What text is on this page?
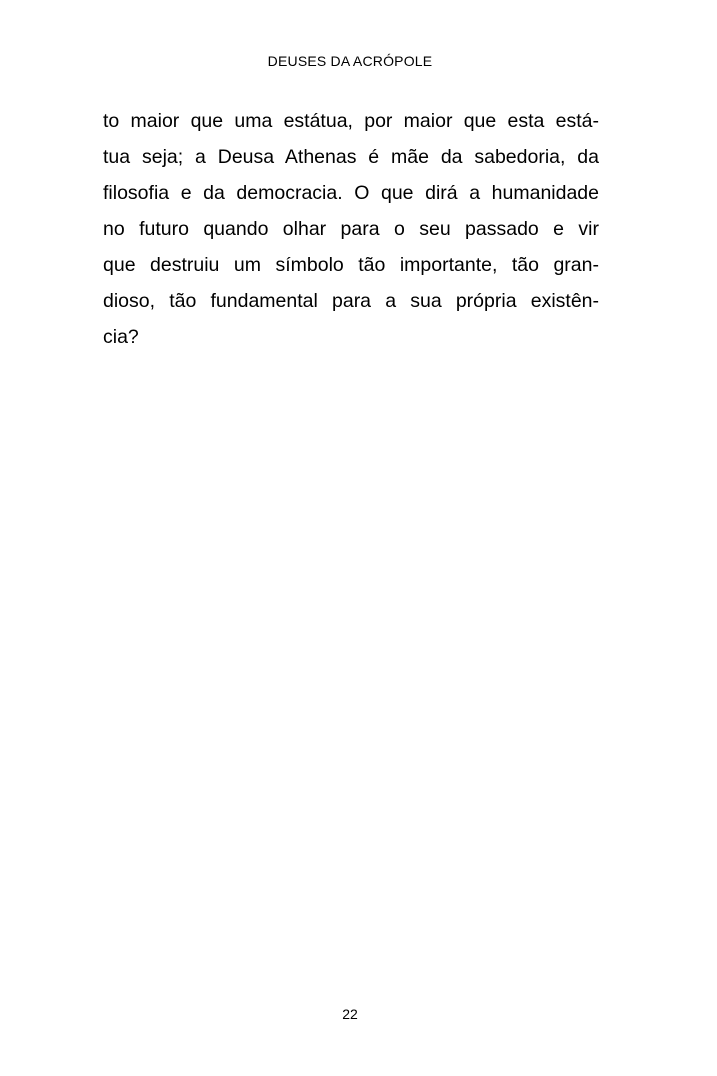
DEUSES DA ACRÓPOLE
to maior que uma estátua, por maior que esta está-
tua seja; a Deusa Athenas é mãe da sabedoria, da
filosofia e da democracia. O que dirá a humanidade
no futuro quando olhar para o seu passado e vir
que destruiu um símbolo tão importante, tão gran-
dioso, tão fundamental para a sua própria existên-
cia?
22
